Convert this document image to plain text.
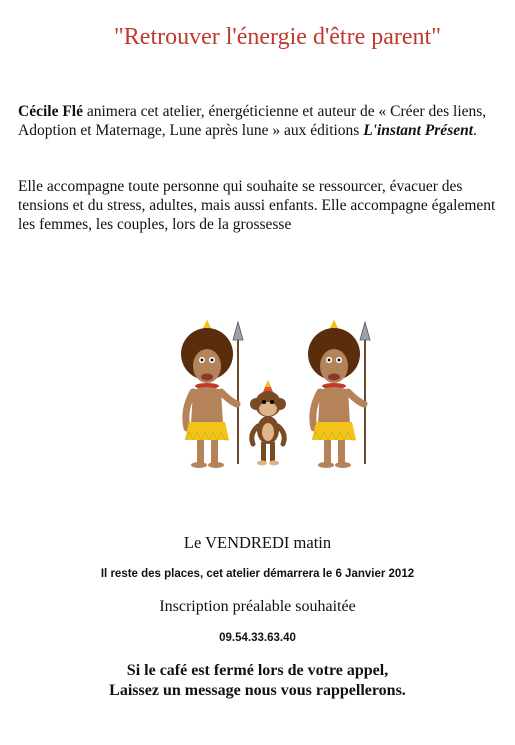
"Retrouver l'énergie d'être parent"
Cécile Flé animera cet atelier, énergéticienne et auteur de « Créer des liens, Adoption et Maternage, Lune après lune » aux éditions L'instant Présent.
Elle accompagne toute personne qui souhaite se ressourcer, évacuer des tensions et du stress, adultes, mais aussi enfants. Elle accompagne également les femmes, les couples, lors de la grossesse
Le VENDREDI matin
Il reste des places, cet atelier démarrera le 6 Janvier 2012
Inscription préalable souhaitée
09.54.33.63.40
Si le café est fermé lors de votre appel,
Laissez un message nous vous rappellerons.
